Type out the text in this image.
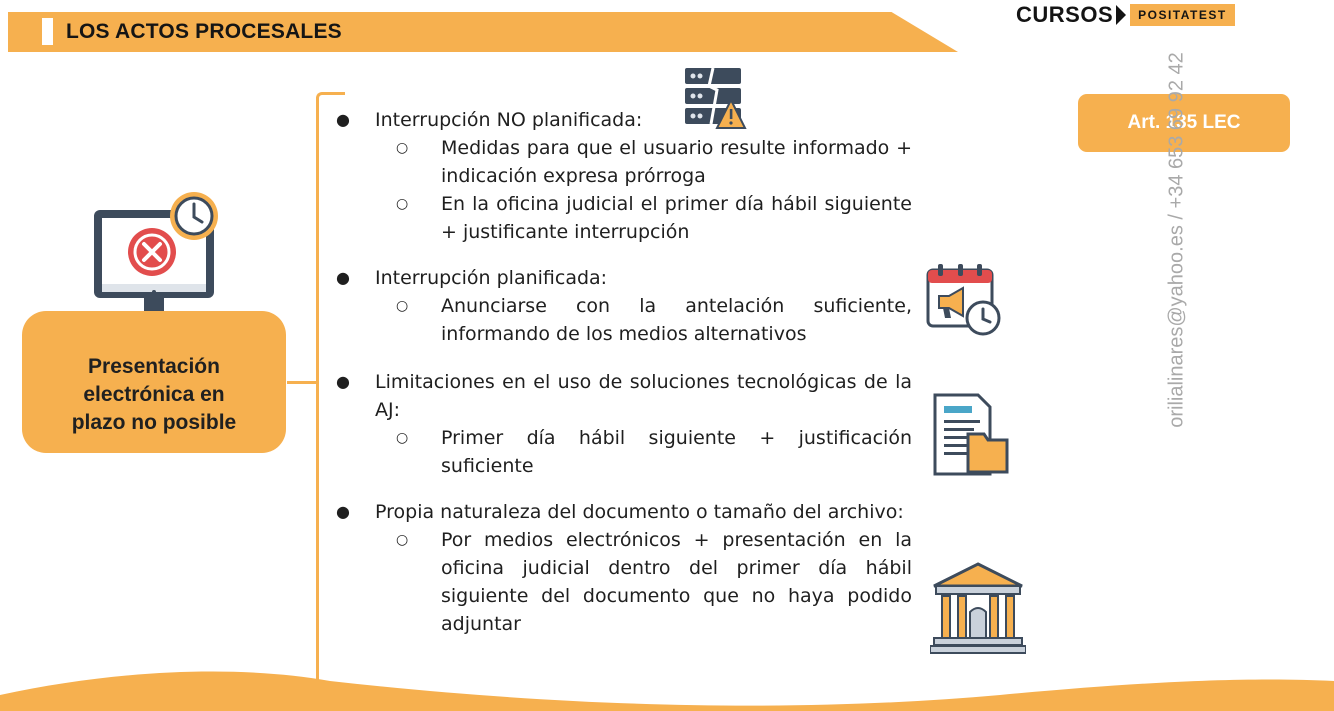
LOS ACTOS PROCESALES
CURSOS	POSITATEST
Art. 135 LEC
orilialinares@yahoo.es / +34 653 69 92 42
Presentación
electrónica en
plazo no posible
●	Interrupción NO planificada:
○ Medidas para que el usuario resulte informado + indicación expresa prórroga
○ En la oficina judicial el primer día hábil siguiente + justificante interrupción
●	Interrupción planificada:
○ Anunciarse con la antelación suficiente, informando de los medios alternativos
●	Limitaciones en el uso de soluciones tecnológicas de la AJ:
○ Primer día hábil siguiente + justificación suficiente
●	Propia naturaleza del documento o tamaño del archivo:
○ Por medios electrónicos + presentación en la oficina judicial dentro del primer día hábil siguiente del documento que no haya podido adjuntar
